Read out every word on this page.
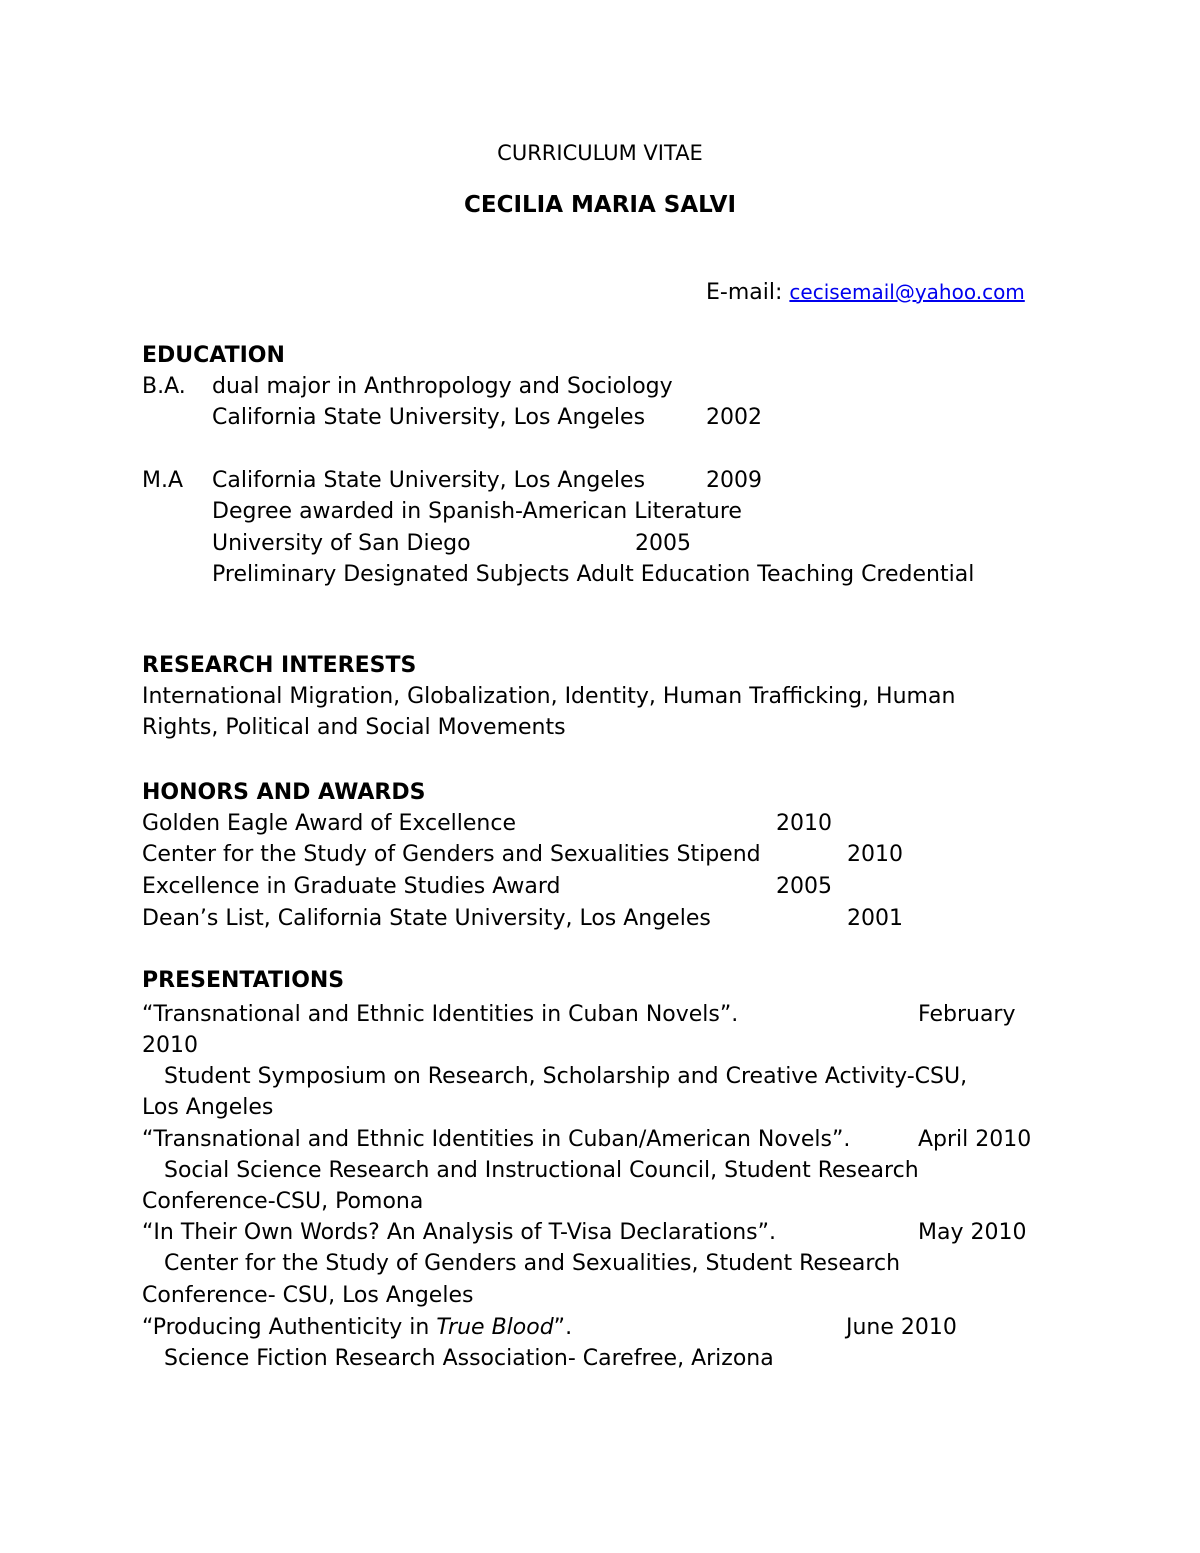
CURRICULUM VITAE
CECILIA MARIA SALVI
E-mail: cecisemail@yahoo.com
EDUCATION
B.A. dual major in Anthropology and Sociology
California State University, Los Angeles	2002
M.A California State University, Los Angeles	2009
Degree awarded in Spanish-American Literature
University of San Diego	2005
Preliminary Designated Subjects Adult Education Teaching Credential
RESEARCH INTERESTS
International Migration, Globalization, Identity, Human Trafficking, Human
Rights, Political and Social Movements
HONORS AND AWARDS
Golden Eagle Award of Excellence	2010
Center for the Study of Genders and Sexualities Stipend	2010
Excellence in Graduate Studies Award	2005
Dean’s List, California State University, Los Angeles	2001
PRESENTATIONS
“Transnational and Ethnic Identities in Cuban Novels”.	February
2010
Student Symposium on Research, Scholarship and Creative Activity-CSU,
Los Angeles
“Transnational and Ethnic Identities in Cuban/American Novels”.	April 2010
Social Science Research and Instructional Council, Student Research
Conference-CSU, Pomona
“In Their Own Words? An Analysis of T-Visa Declarations”.	May 2010
Center for the Study of Genders and Sexualities, Student Research
Conference- CSU, Los Angeles
“Producing Authenticity in True Blood”.	June 2010
Science Fiction Research Association- Carefree, Arizona
